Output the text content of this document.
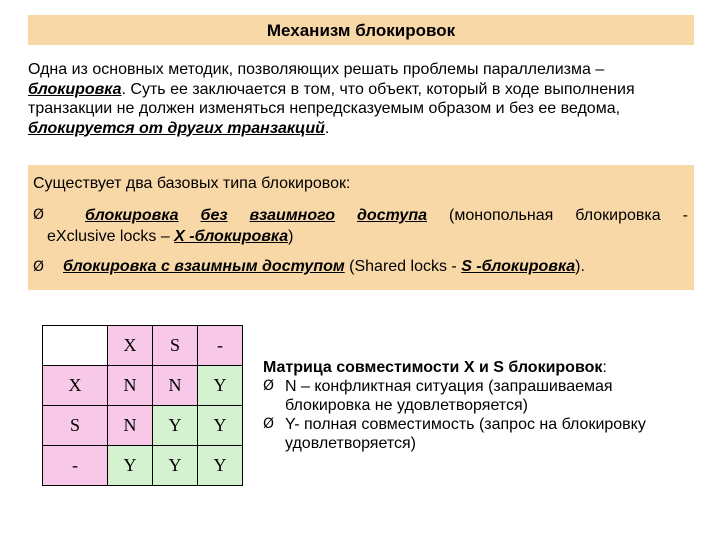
Механизм блокировок
Одна из основных методик, позволяющих решать проблемы параллелизма – блокировка. Суть ее заключается в том, что объект, который в ходе выполнения транзакции не должен изменяться непредсказуемым образом и без ее ведома, блокируется от других транзакций.
Существует два базовых типа блокировок:
Ø	блокировка без взаимного доступа (монопольная блокировка -
eXclusive locks – X -блокировка)
Ø блокировка с взаимным доступом (Shared locks - S -блокировка).
	X	S	-
X	N	N	Y
S	N	Y	Y
-	Y	Y	Y
Матрица совместимости X и S блокировок:
Ø N – конфликтная ситуация (запрашиваемая блокировка не удовлетворяется)
Ø Y- полная совместимость (запрос на блокировку удовлетворяется)
